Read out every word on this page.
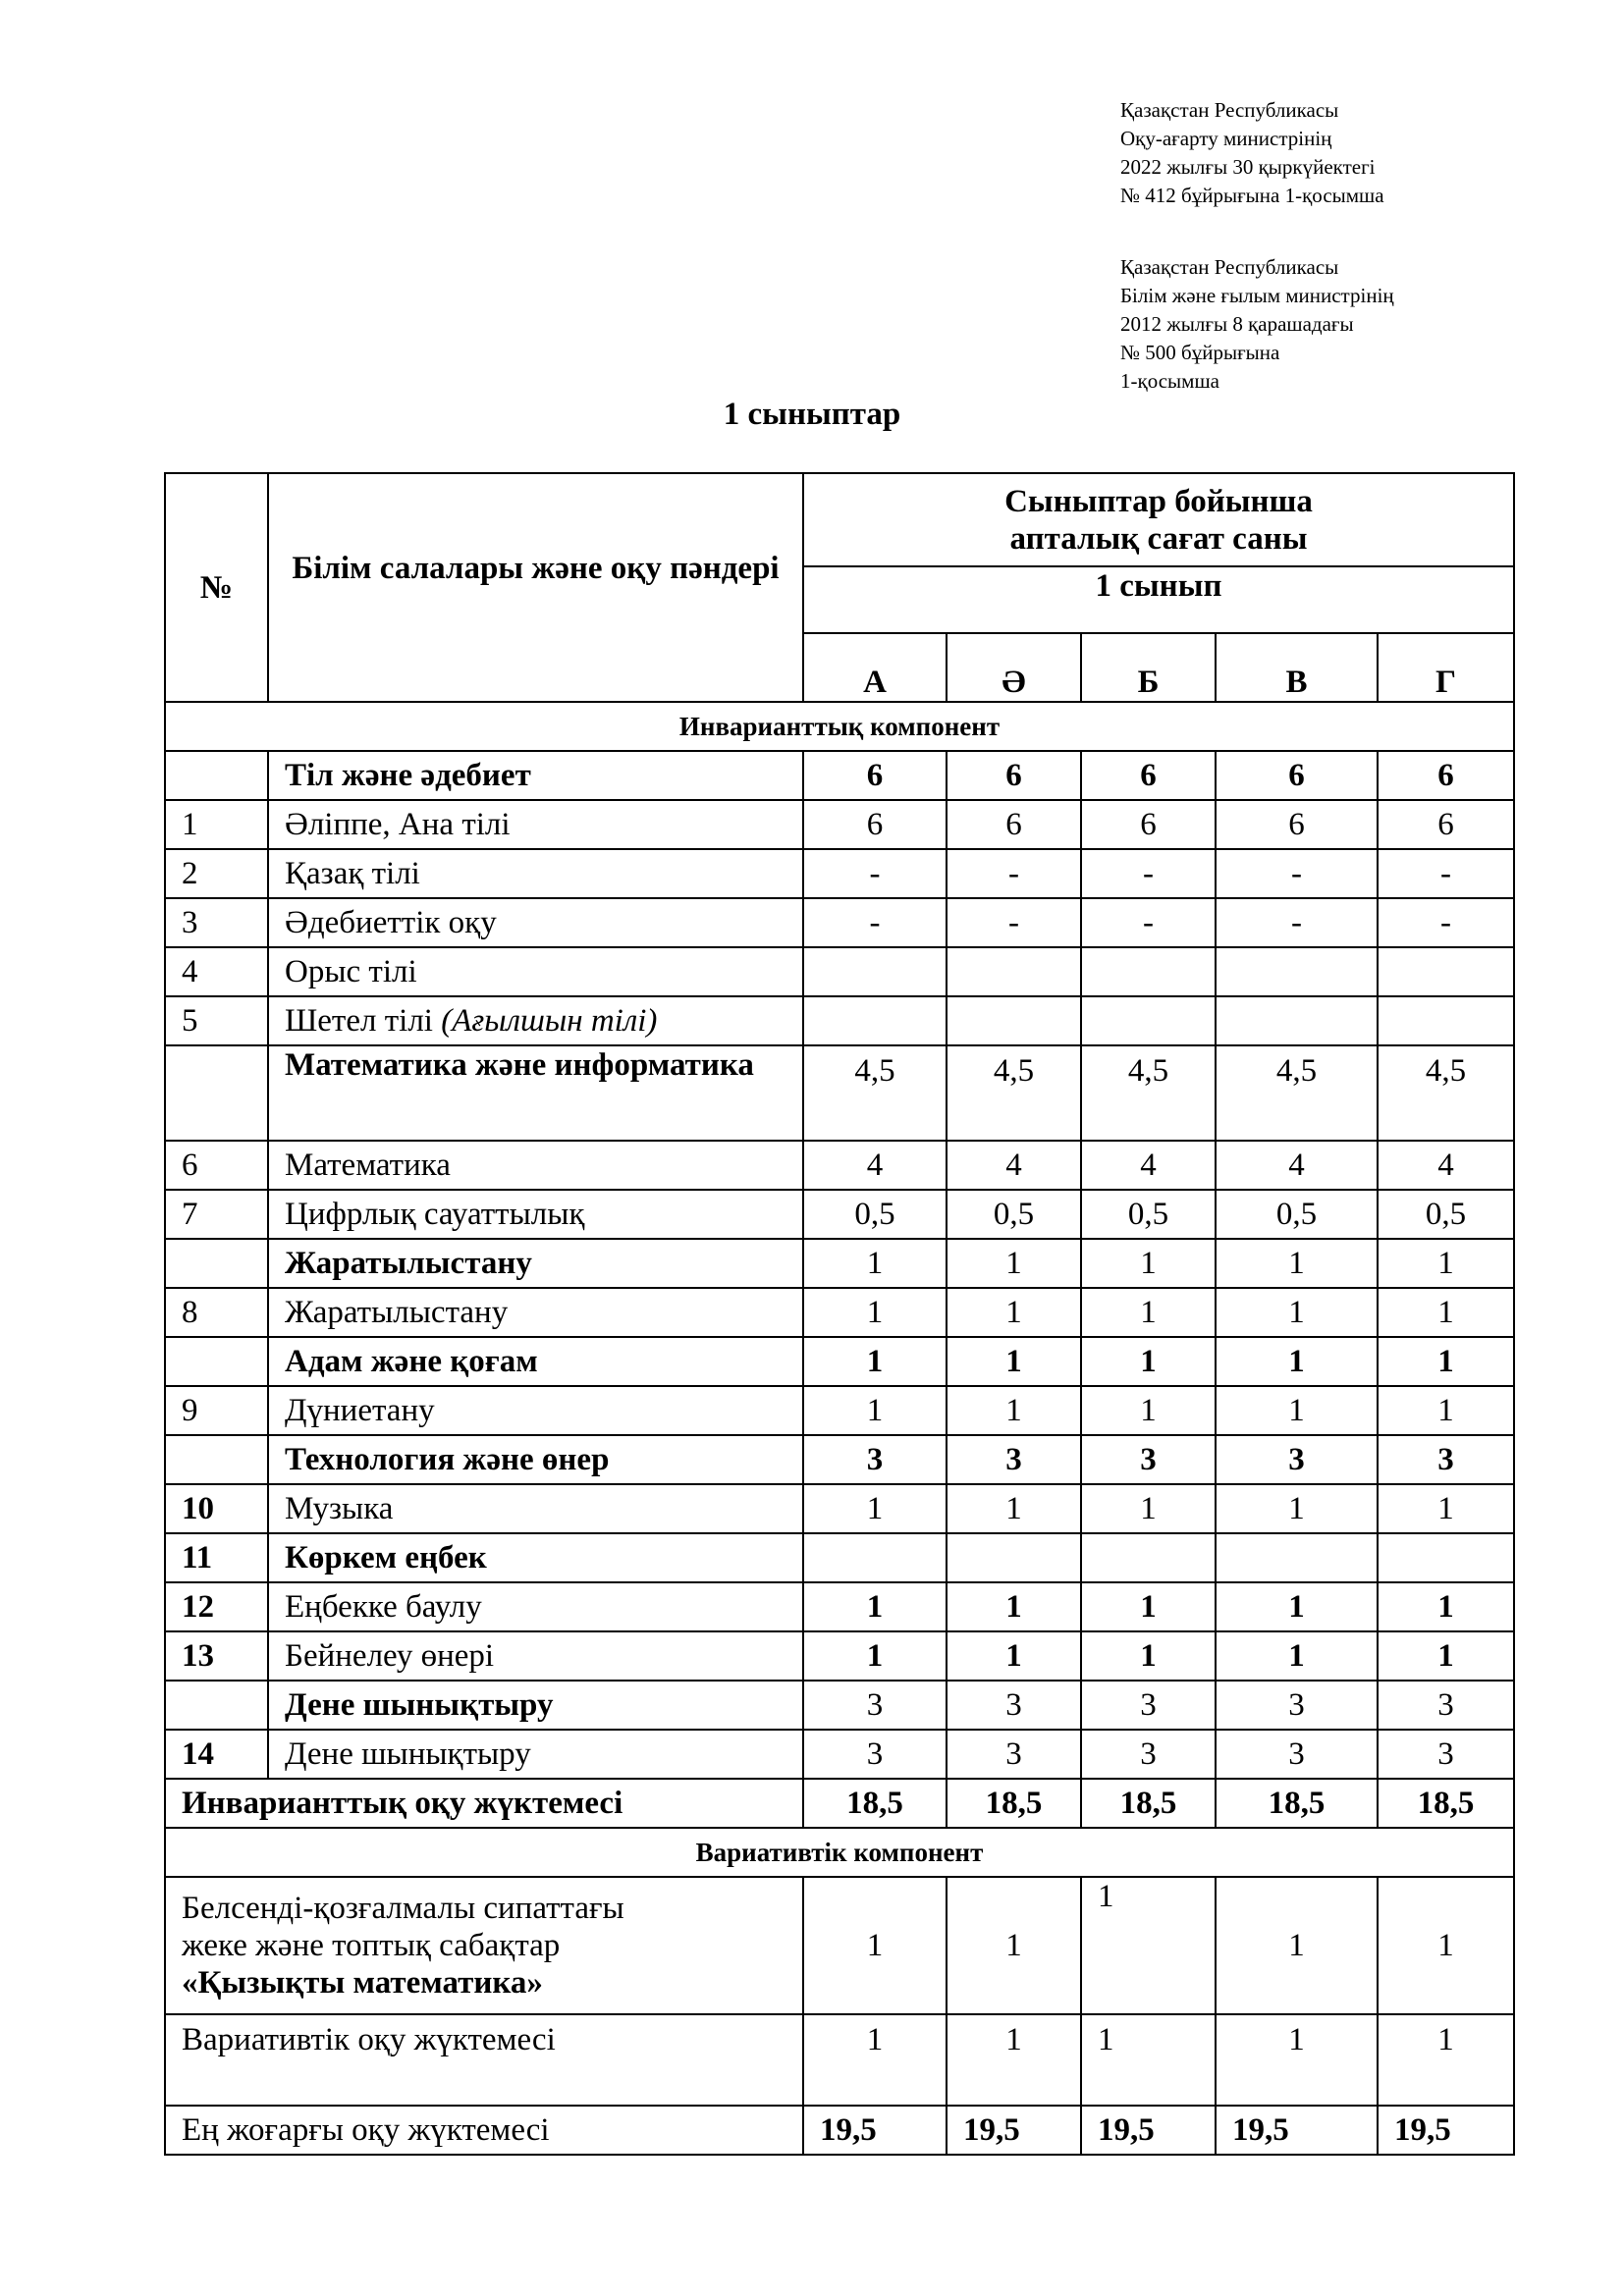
Қазақстан Республикасы
Оқу-ағарту министрінің
2022 жылғы 30 қыркүйектегі
№ 412 бұйрығына 1-қосымша
Қазақстан Республикасы
Білім және ғылым министрінің
2012 жылғы 8 қарашадағы
№ 500 бұйрығына
1-қосымша
1 сыныптар
№	Білім салалары және оқу пәндері	Сыныптар бойынша
апталық сағат саны				

		1 сынып				
		А	Ә	Б	В	Г
Инварианттық компонент						
	Тіл және әдебиет	6	6	6	6	6
1	Әліппе, Ана тілі	6	6	6	6	6
2	Қазақ тілі	-	-	-	-	-
3	Әдебиеттік оқу	-	-	-	-	-
4	Орыс тілі					
5	Шетел тілі (Ағылшын тілі)					
	Математика және информатика	4,5	4,5	4,5	4,5	4,5
6	Математика	4	4	4	4	4
7	Цифрлық сауаттылық	0,5	0,5	0,5	0,5	0,5
	Жаратылыстану	1	1	1	1	1
8	Жаратылыстану	1	1	1	1	1
	Адам және қоғам	1	1	1	1	1
9	Дүниетану	1	1	1	1	1
	Технология және өнер	3	3	3	3	3
10	Музыка	1	1	1	1	1
11	Көркем еңбек					
12	Еңбекке баулу	1	1	1	1	1
13	Бейнелеу өнері	1	1	1	1	1
	Дене шынықтыру	3	3	3	3	3
14	Дене шынықтыру	3	3	3	3	3
Инварианттық оқу жүктемесі		18,5	18,5	18,5	18,5	18,5
Вариативтік компонент						

Белсенді-қозғалмалы сипаттағы
жеке және топтық сабақтар
«Қызықты математика»		1	1	1	1	1
Вариативтік оқу жүктемесі		1	1	1	1	1
Ең жоғарғы оқу жүктемесі		19,5	19,5	19,5	19,5	19,5
